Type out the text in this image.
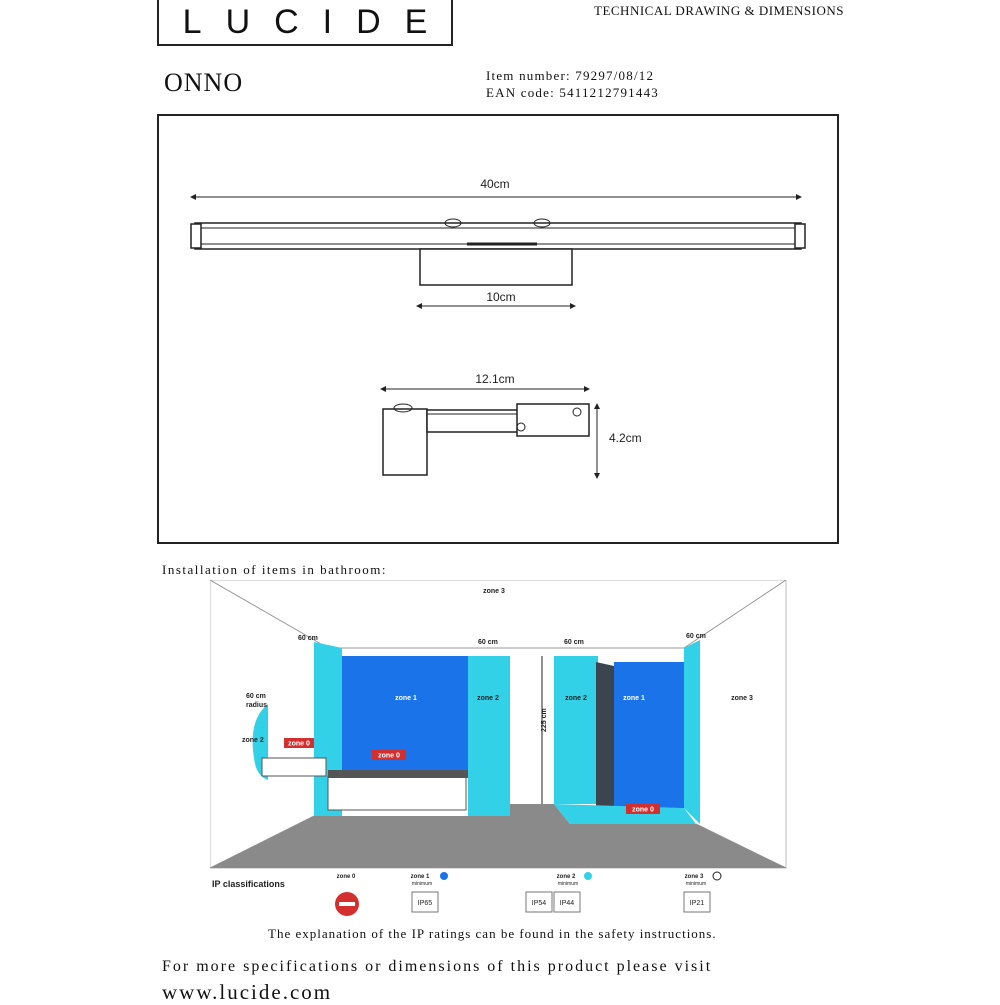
LUCIDE	TECHNICAL DRAWING & DIMENSIONS
ONNO	Item number: 79297/08/12
EAN code: 5411212791443
40cm
10cm
12.1cm
4.2cm
Installation of items in bathroom:
zone 3
zone 3
zone 1	zone 1
zone 2	zone 2
zone 2
60 cm
60 cm	60 cm
60 cm
60 cm
radius
225 cm
zone 0
zone 0
zone 0
IP classifications
zone 0	zone 1
minimum
IP65
zone 2
minimum
IP54 IP44
zone 3
minimum
IP21
The explanation of the IP ratings can be found in the safety instructions.
For more specifications or dimensions of this product please visit
www.lucide.com
